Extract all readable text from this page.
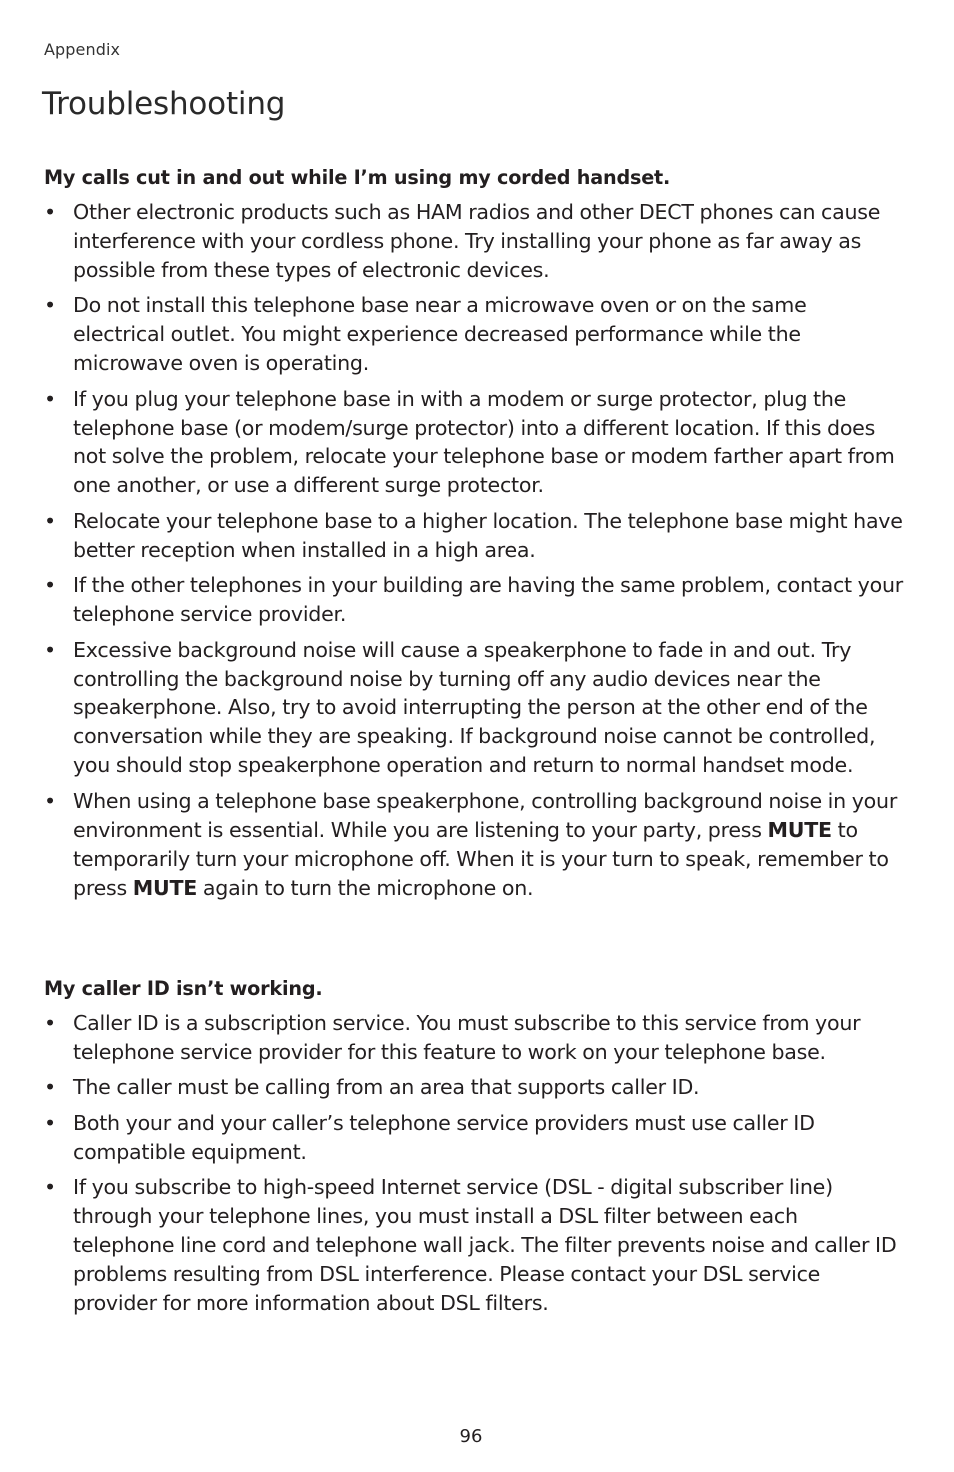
Appendix
Troubleshooting
My calls cut in and out while I’m using my corded handset.
• Other electronic products such as HAM radios and other DECT phones can cause interference with your cordless phone. Try installing your phone as far away as possible from these types of electronic devices.
• Do not install this telephone base near a microwave oven or on the same electrical outlet. You might experience decreased performance while the microwave oven is operating.
• If you plug your telephone base in with a modem or surge protector, plug the telephone base (or modem/surge protector) into a different location. If this does not solve the problem, relocate your telephone base or modem farther apart from one another, or use a different surge protector.
• Relocate your telephone base to a higher location. The telephone base might have better reception when installed in a high area.
• If the other telephones in your building are having the same problem, contact your telephone service provider.
• Excessive background noise will cause a speakerphone to fade in and out. Try controlling the background noise by turning off any audio devices near the speakerphone. Also, try to avoid interrupting the person at the other end of the conversation while they are speaking. If background noise cannot be controlled, you should stop speakerphone operation and return to normal handset mode.
• When using a telephone base speakerphone, controlling background noise in your environment is essential. While you are listening to your party, press MUTE to temporarily turn your microphone off. When it is your turn to speak, remember to press MUTE again to turn the microphone on.
My caller ID isn’t working.
• Caller ID is a subscription service. You must subscribe to this service from your telephone service provider for this feature to work on your telephone base.
• The caller must be calling from an area that supports caller ID.
• Both your and your caller’s telephone service providers must use caller ID compatible equipment.
• If you subscribe to high-speed Internet service (DSL - digital subscriber line) through your telephone lines, you must install a DSL filter between each telephone line cord and telephone wall jack. The filter prevents noise and caller ID problems resulting from DSL interference. Please contact your DSL service provider for more information about DSL filters.
96
